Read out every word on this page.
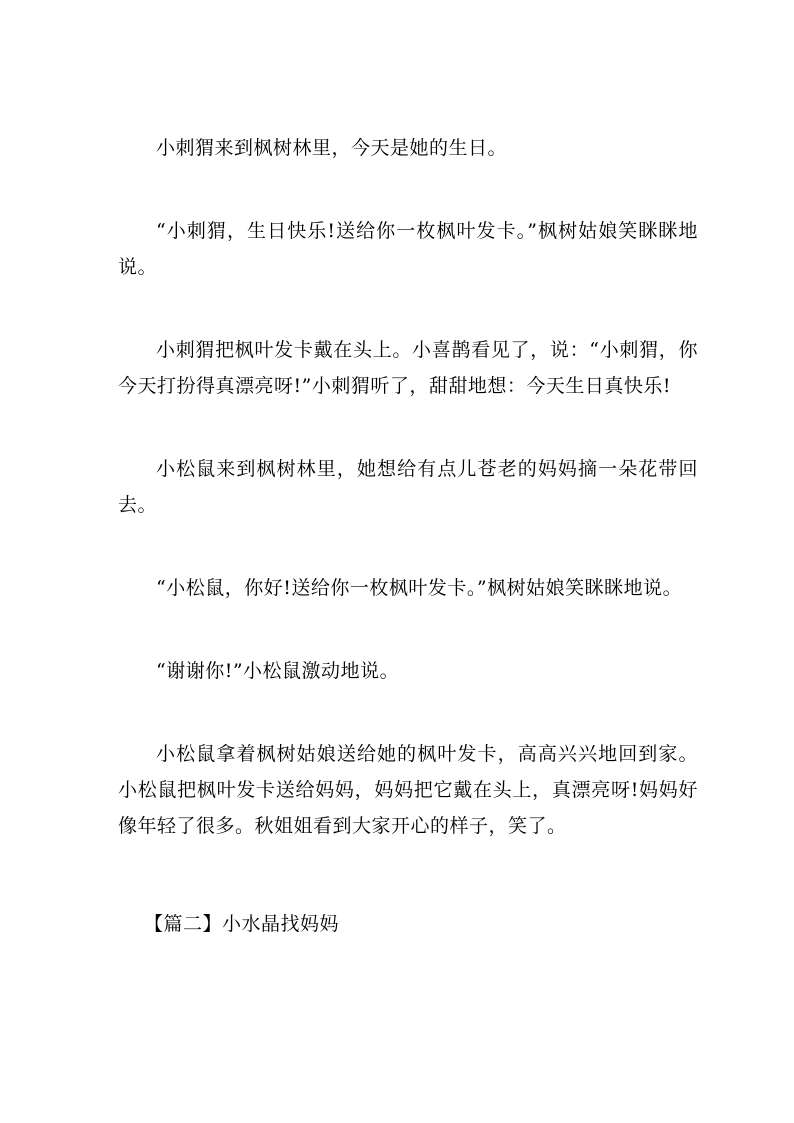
小刺猬来到枫树林里，今天是她的生日。

“小刺猬，生日快乐!送给你一枚枫叶发卡。”枫树姑娘笑眯眯地说。

小刺猬把枫叶发卡戴在头上。小喜鹊看见了，说：“小刺猬，你今天打扮得真漂亮呀!”小刺猬听了，甜甜地想：今天生日真快乐!

小松鼠来到枫树林里，她想给有点儿苍老的妈妈摘一朵花带回去。

“小松鼠，你好!送给你一枚枫叶发卡。”枫树姑娘笑眯眯地说。

“谢谢你!”小松鼠激动地说。

小松鼠拿着枫树姑娘送给她的枫叶发卡，高高兴兴地回到家。小松鼠把枫叶发卡送给妈妈，妈妈把它戴在头上，真漂亮呀!妈妈好像年轻了很多。秋姐姐看到大家开心的样子，笑了。

【篇二】小水晶找妈妈
